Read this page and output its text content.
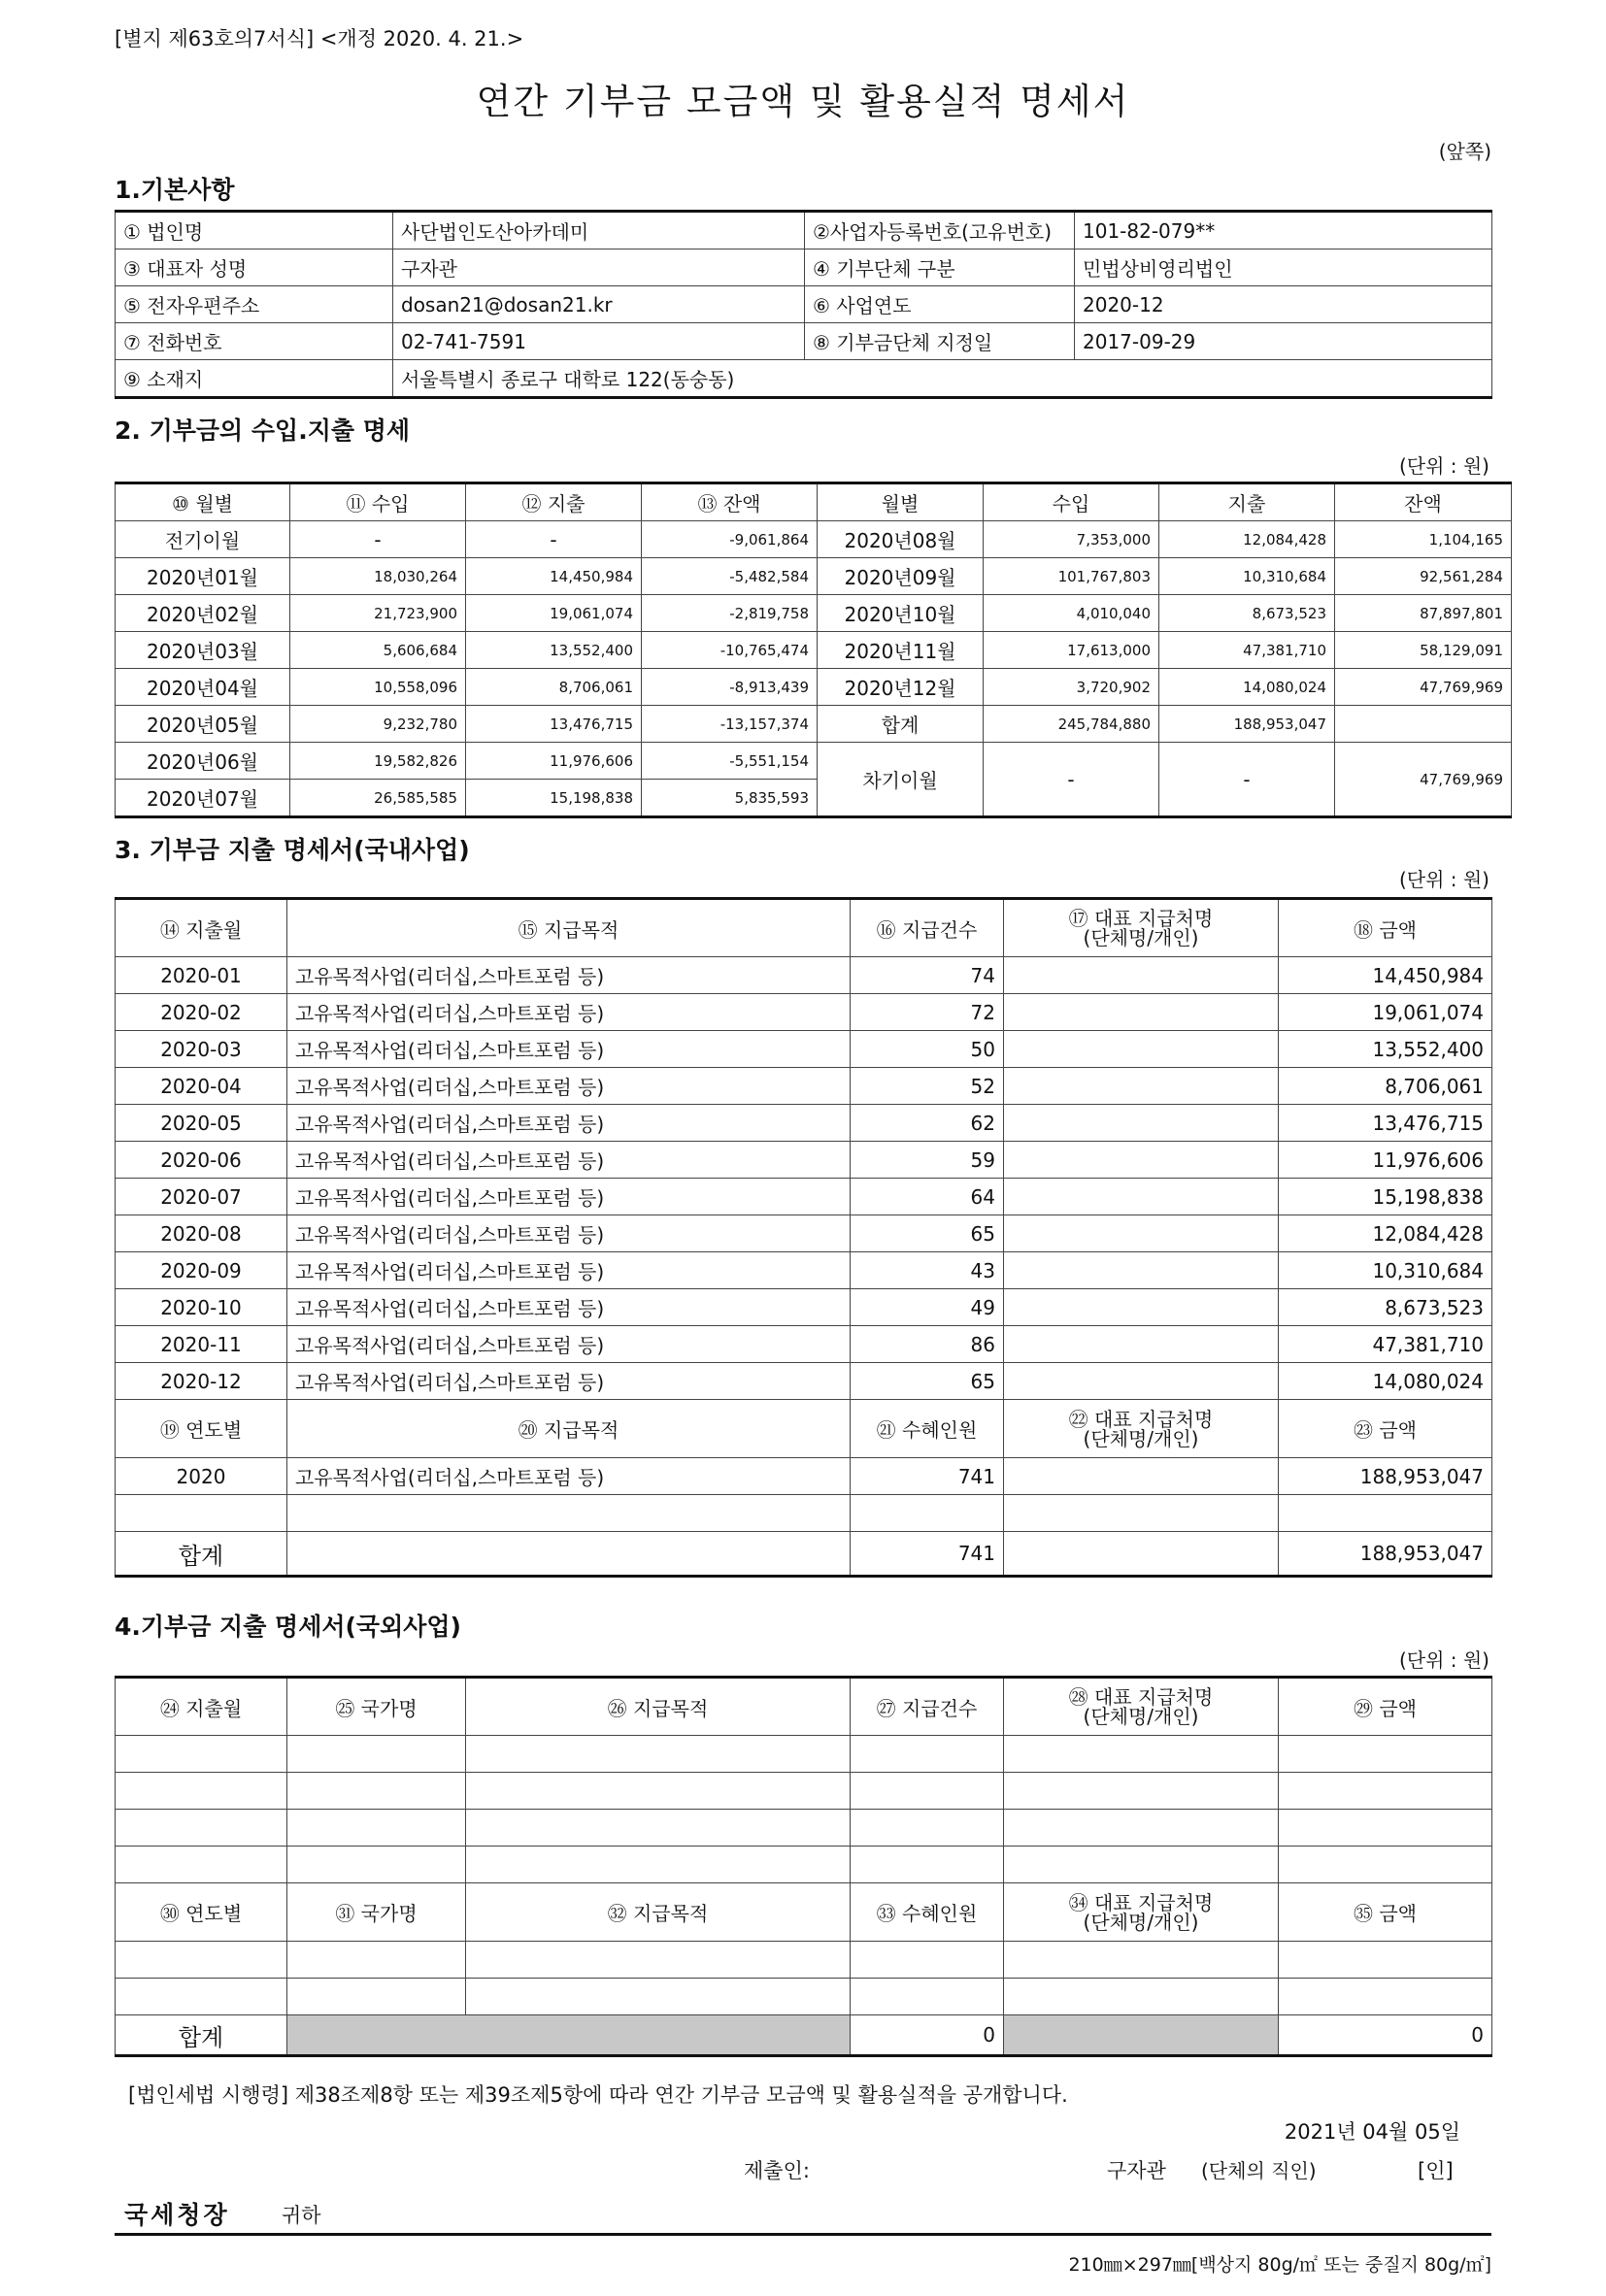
[별지 제63호의7서식] <개정 2020. 4. 21.>
연간 기부금 모금액 및 활용실적 명세서
(앞쪽)
1.기본사항
① 법인명	사단법인도산아카데미	②사업자등록번호(고유번호)	101-82-079**
③ 대표자 성명	구자관	④ 기부단체 구분	민법상비영리법인
⑤ 전자우편주소	dosan21@dosan21.kr	⑥ 사업연도	2020-12
⑦ 전화번호	02-741-7591	⑧ 기부금단체 지정일	2017-09-29
⑨ 소재지	서울특별시 종로구 대학로 122(동숭동)		
2. 기부금의 수입.지출 명세
(단위 : 원)
⑩ 월별	⑪ 수입	⑫ 지출	⑬ 잔액	월별	수입	지출	잔액
전기이월	-	-	-9,061,864	2020년08월	7,353,000	12,084,428	1,104,165
2020년01월	18,030,264	14,450,984	-5,482,584	2020년09월	101,767,803	10,310,684	92,561,284
2020년02월	21,723,900	19,061,074	-2,819,758	2020년10월	4,010,040	8,673,523	87,897,801
2020년03월	5,606,684	13,552,400	-10,765,474	2020년11월	17,613,000	47,381,710	58,129,091
2020년04월	10,558,096	8,706,061	-8,913,439	2020년12월	3,720,902	14,080,024	47,769,969
2020년05월	9,232,780	13,476,715	-13,157,374	합계	245,784,880	188,953,047	
2020년06월	19,582,826	11,976,606	-5,551,154	차기이월	-	-	47,769,969
2020년07월	26,585,585	15,198,838	5,835,593				
3. 기부금 지출 명세서(국내사업)
(단위 : 원)
⑭ 지출월	⑮ 지급목적	⑯ 지급건수	⑰ 대표 지급처명
(단체명/개인)	⑱ 금액
2020-01	고유목적사업(리더십,스마트포럼 등)	74		14,450,984
2020-02	고유목적사업(리더십,스마트포럼 등)	72		19,061,074
2020-03	고유목적사업(리더십,스마트포럼 등)	50		13,552,400
2020-04	고유목적사업(리더십,스마트포럼 등)	52		8,706,061
2020-05	고유목적사업(리더십,스마트포럼 등)	62		13,476,715
2020-06	고유목적사업(리더십,스마트포럼 등)	59		11,976,606
2020-07	고유목적사업(리더십,스마트포럼 등)	64		15,198,838
2020-08	고유목적사업(리더십,스마트포럼 등)	65		12,084,428
2020-09	고유목적사업(리더십,스마트포럼 등)	43		10,310,684
2020-10	고유목적사업(리더십,스마트포럼 등)	49		8,673,523
2020-11	고유목적사업(리더십,스마트포럼 등)	86		47,381,710
2020-12	고유목적사업(리더십,스마트포럼 등)	65		14,080,024
⑲ 연도별	⑳ 지급목적	㉑ 수혜인원	㉒ 대표 지급처명
(단체명/개인)	㉓ 금액
2020	고유목적사업(리더십,스마트포럼 등)	741		188,953,047

합계		741		188,953,047
4.기부금 지출 명세서(국외사업)
(단위 : 원)
㉔ 지출월	㉕ 국가명	㉖ 지급목적	㉗ 지급건수	㉘ 대표 지급처명
(단체명/개인)	㉙ 금액

㉚ 연도별	㉛ 국가명	㉜ 지급목적	㉝ 수혜인원	㉞ 대표 지급처명
(단체명/개인)	㉟ 금액

합계			0		0
[법인세법 시행령] 제38조제8항 또는 제39조제5항에 따라 연간 기부금 모금액 및 활용실적을 공개합니다.
2021년 04월 05일
제출인:	구자관 (단체의 직인)	[인]
국세청장	귀하
210㎜×297㎜[백상지 80g/㎡ 또는 중질지 80g/㎡]
